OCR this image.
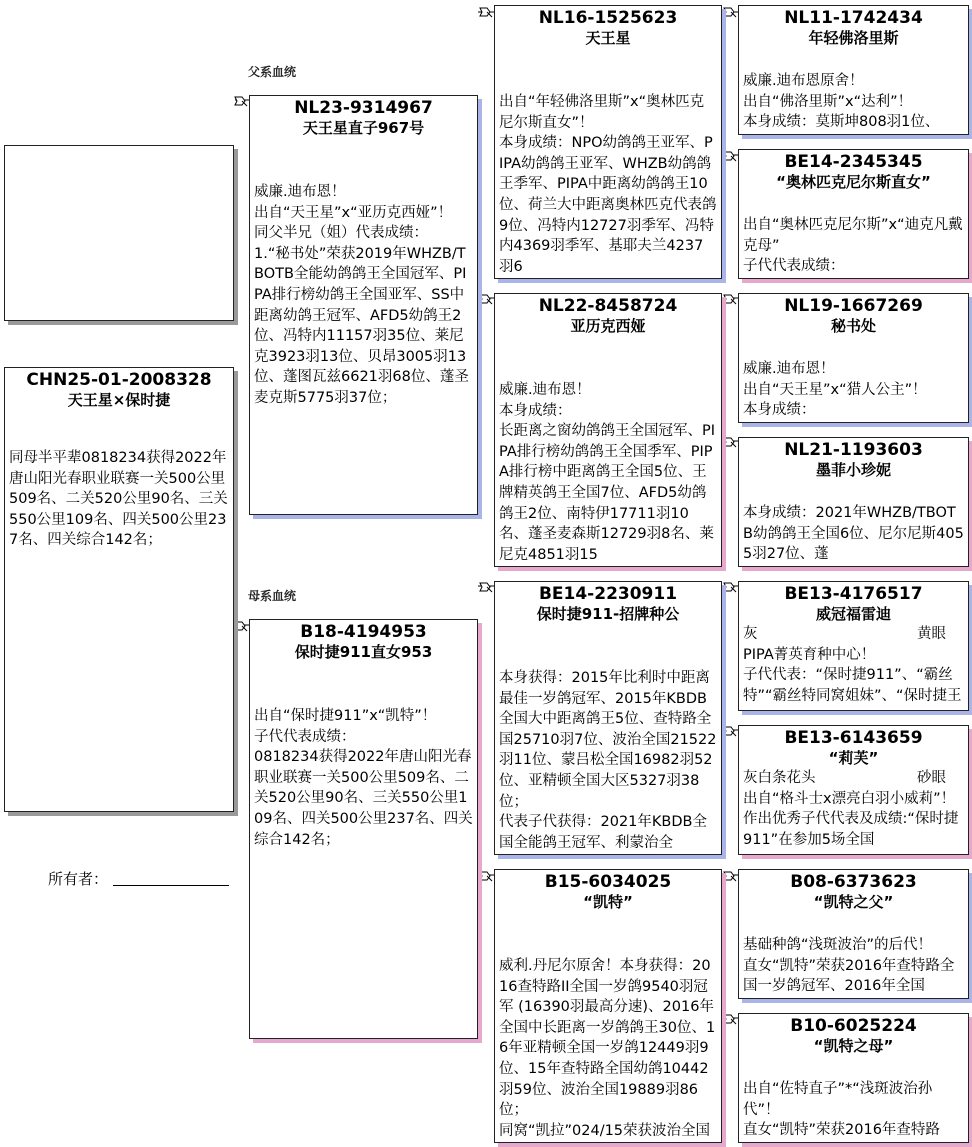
CHN25-01-2008328
天王星×保时捷
同母半平辈0818234获得2022年唐山阳光春职业联赛一关500公里509名、二关520公里90名、三关550公里109名、四关500公里237名、四关综合142名；
所有者：
父系血统
母系血统
NL23-9314967
天王星直子967号
威廉.迪布恩！
出自“天王星”x“亚历克西娅”！
同父半兄（姐）代表成绩：
1.“秘书处”荣获2019年WHZB/TBOTB全能幼鸽鸽王全国冠军、PIPA排行榜幼鸽王全国亚军、SS中距离幼鸽王冠军、AFD5幼鸽王2位、冯特内11157羽35位、莱尼克3923羽13位、贝昂3005羽13位、蓬图瓦兹6621羽68位、蓬圣麦克斯5775羽37位；
B18-4194953
保时捷911直女953
出自“保时捷911”x“凯特”！
子代代表成绩：
0818234获得2022年唐山阳光春职业联赛一关500公里509名、二关520公里90名、三关550公里109名、四关500公里237名、四关综合142名；
NL16-1525623
天王星
出自“年轻佛洛里斯”x“奥林匹克尼尔斯直女”！
本身成绩：NPO幼鸽鸽王亚军、PIPA幼鸽鸽王亚军、WHZB幼鸽鸽王季军、PIPA中距离幼鸽鸽王10位、荷兰大中距离奥林匹克代表鸽9位、冯特内12727羽季军、冯特内4369羽季军、基耶夫兰4237羽6
NL22-8458724
亚历克西娅
威廉.迪布恩！
本身成绩：
长距离之窗幼鸽鸽王全国冠军、PIPA排行榜幼鸽鸽王全国季军、PIPA排行榜中距离鸽王全国5位、王牌精英鸽王全国7位、AFD5幼鸽鸽王2位、南特伊17711羽10名、蓬圣麦森斯12729羽8名、莱尼克4851羽15
BE14-2230911
保时捷911-招牌种公
本身获得：2015年比利时中距离最佳一岁鸽冠军、2015年KBDB全国大中距离鸽王5位、查特路全国25710羽7位、波治全国21522羽11位、蒙吕松全国16982羽52位、亚精顿全国大区5327羽38位；
代表子代获得：2021年KBDB全国全能鸽王冠军、利蒙治全
B15-6034025
“凯特”
威利.丹尼尔原舍！本身获得：2016查特路II全国一岁鸽9540羽冠军 (16390羽最高分速)、2016年全国中长距离一岁鸽鸽王30位、16年亚精顿全国一岁鸽12449羽9位、15年查特路全国幼鸽10442羽59位、波治全国19889羽86位；
同窝“凯拉”024/15荣获波治全国
NL11-1742434
年轻佛洛里斯
威廉.迪布恩原舍！
出自“佛洛里斯”x“达利”！
本身成绩：莫斯坤808羽1位、
BE14-2345345
“奥林匹克尼尔斯直女”
出自“奥林匹克尼尔斯”x“迪克凡戴克母”
子代代表成绩：
NL19-1667269
秘书处
威廉.迪布恩！
出自“天王星”x“猎人公主”！
本身成绩：
NL21-1193603
墨菲小珍妮
本身成绩：2021年WHZB/TBOTB幼鸽鸽王全国6位、尼尔尼斯4055羽27位、蓬
BE13-4176517
威冠福雷迪
灰	黄眼
PIPA菁英育种中心！
子代代表：“保时捷911”、“霸丝特”“霸丝特同窝姐妹”、“保时捷王
BE13-6143659
“莉芙”
灰白条花头	砂眼
出自“格斗士x漂亮白羽小威莉”！作出优秀子代代表及成绩:“保时捷911”在参加5场全国
B08-6373623
“凯特之父”
基础种鸽“浅斑波治”的后代！
直女“凯特”荣获2016年查特路全国一岁鸽冠军、2016年全国
B10-6025224
“凯特之母”
出自“佐特直子”*“浅斑波治孙代”！
直女“凯特”荣获2016年查特路
